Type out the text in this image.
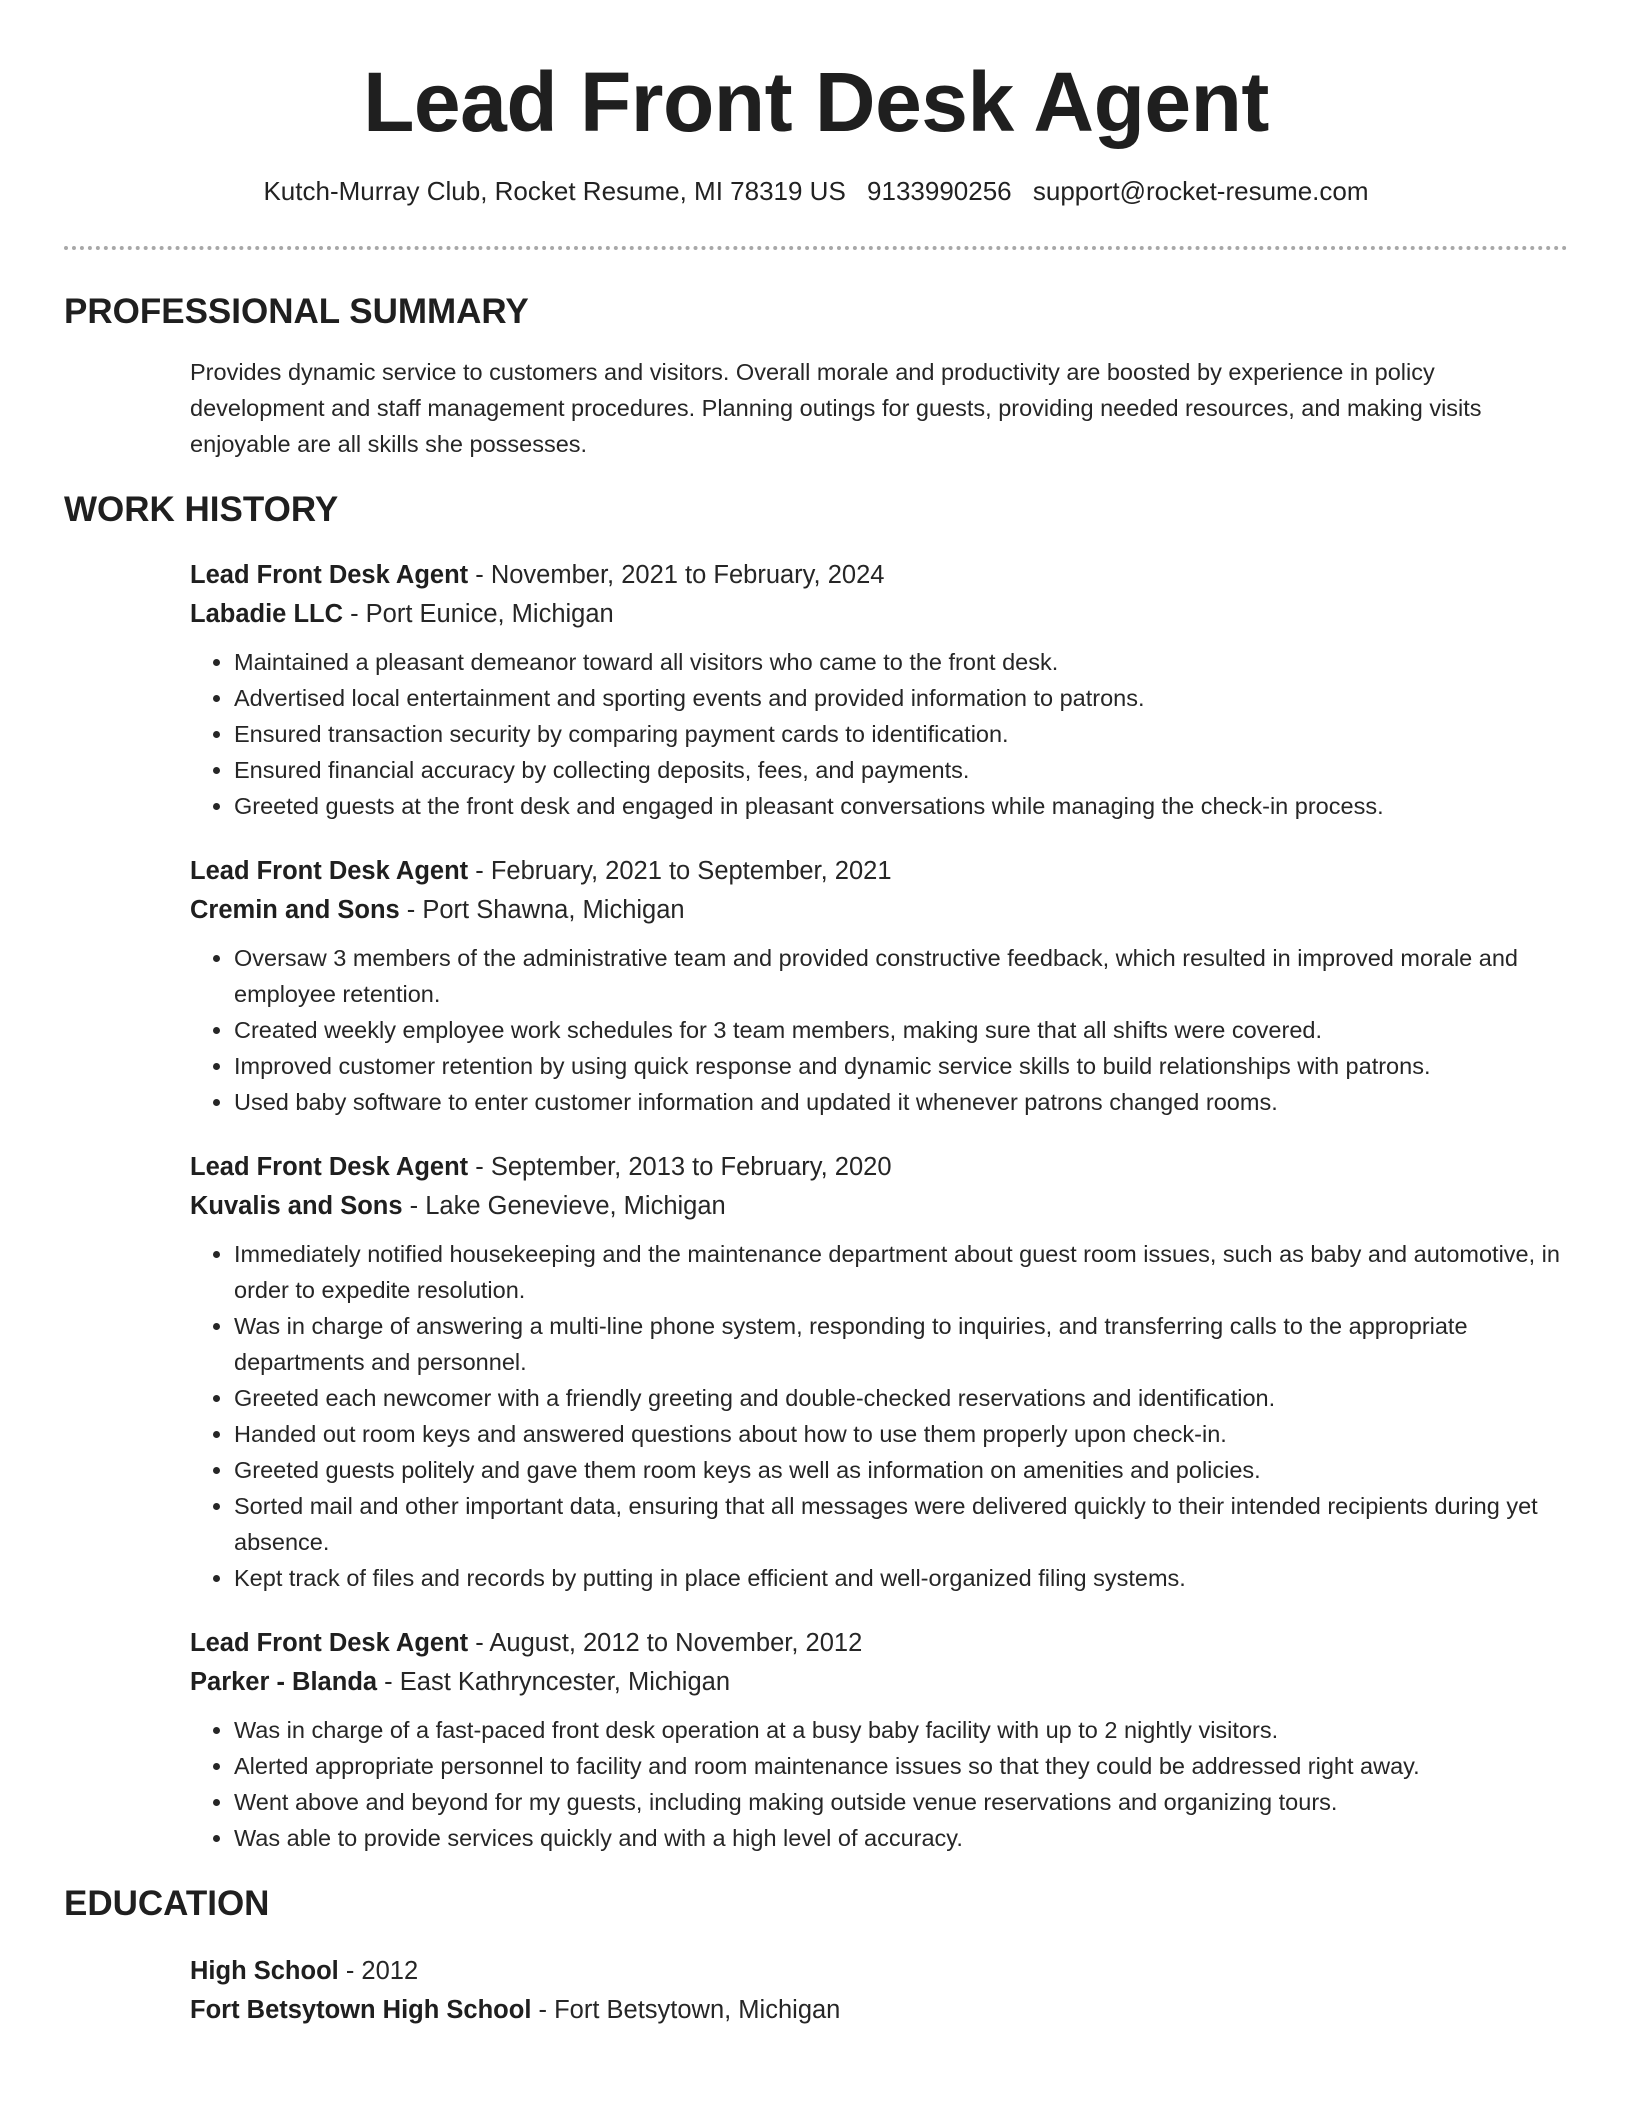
Lead Front Desk Agent
Kutch-Murray Club, Rocket Resume, MI 78319 US 9133990256 support@rocket-resume.com
PROFESSIONAL SUMMARY

Provides dynamic service to customers and visitors. Overall morale and productivity are boosted by experience in policy development and staff management procedures. Planning outings for guests, providing needed resources, and making visits enjoyable are all skills she possesses.

WORK HISTORY
Lead Front Desk Agent - November, 2021 to February, 2024
Labadie LLC - Port Eunice, Michigan
• Maintained a pleasant demeanor toward all visitors who came to the front desk.
• Advertised local entertainment and sporting events and provided information to patrons.
• Ensured transaction security by comparing payment cards to identification.
• Ensured financial accuracy by collecting deposits, fees, and payments.
• Greeted guests at the front desk and engaged in pleasant conversations while managing the check-in process.
Lead Front Desk Agent - February, 2021 to September, 2021
Cremin and Sons - Port Shawna, Michigan
• Oversaw 3 members of the administrative team and provided constructive feedback, which resulted in improved morale and employee retention.
• Created weekly employee work schedules for 3 team members, making sure that all shifts were covered.
• Improved customer retention by using quick response and dynamic service skills to build relationships with patrons.
• Used baby software to enter customer information and updated it whenever patrons changed rooms.
Lead Front Desk Agent - September, 2013 to February, 2020
Kuvalis and Sons - Lake Genevieve, Michigan
• Immediately notified housekeeping and the maintenance department about guest room issues, such as baby and automotive, in order to expedite resolution.
• Was in charge of answering a multi-line phone system, responding to inquiries, and transferring calls to the appropriate departments and personnel.
• Greeted each newcomer with a friendly greeting and double-checked reservations and identification.
• Handed out room keys and answered questions about how to use them properly upon check-in.
• Greeted guests politely and gave them room keys as well as information on amenities and policies.
• Sorted mail and other important data, ensuring that all messages were delivered quickly to their intended recipients during yet absence.
• Kept track of files and records by putting in place efficient and well-organized filing systems.
Lead Front Desk Agent - August, 2012 to November, 2012
Parker - Blanda - East Kathryncester, Michigan
• Was in charge of a fast-paced front desk operation at a busy baby facility with up to 2 nightly visitors.
• Alerted appropriate personnel to facility and room maintenance issues so that they could be addressed right away.
• Went above and beyond for my guests, including making outside venue reservations and organizing tours.
• Was able to provide services quickly and with a high level of accuracy.
EDUCATION
High School - 2012
Fort Betsytown High School - Fort Betsytown, Michigan
